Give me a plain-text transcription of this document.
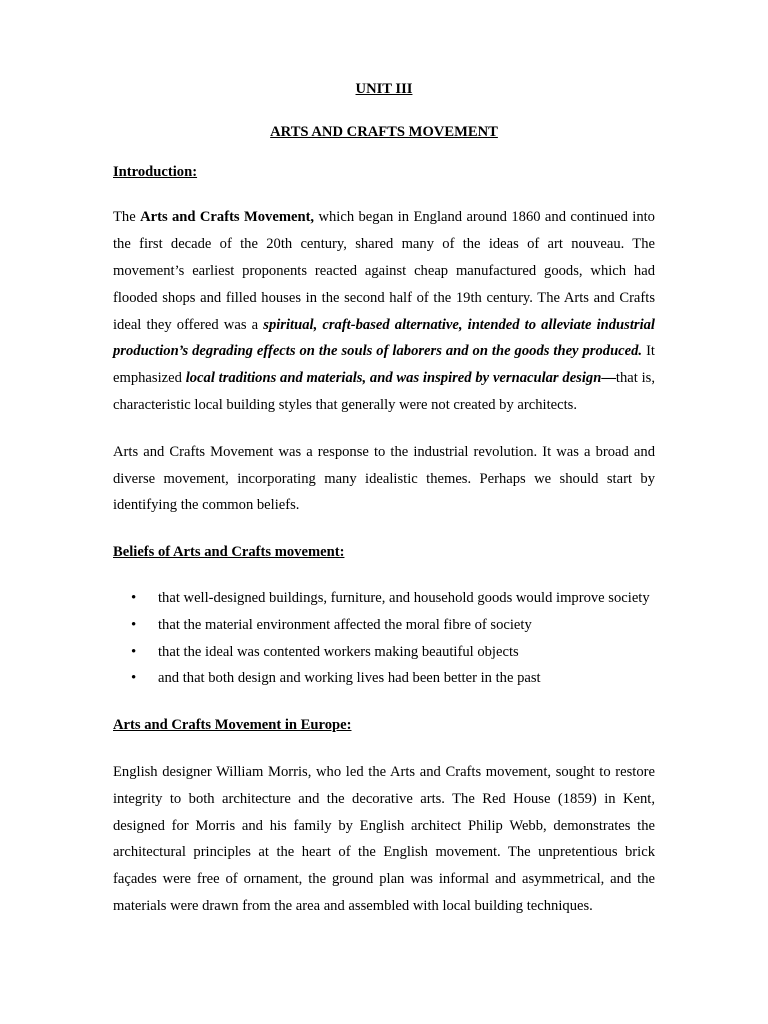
UNIT III

ARTS AND CRAFTS MOVEMENT

Introduction:

The Arts and Crafts Movement, which began in England around 1860 and continued into the first decade of the 20th century, shared many of the ideas of art nouveau. The movement’s earliest proponents reacted against cheap manufactured goods, which had flooded shops and filled houses in the second half of the 19th century. The Arts and Crafts ideal they offered was a spiritual, craft-based alternative, intended to alleviate industrial production’s degrading effects on the souls of laborers and on the goods they produced. It emphasized local traditions and materials, and was inspired by vernacular design—that is, characteristic local building styles that generally were not created by architects.

Arts and Crafts Movement was a response to the industrial revolution. It was a broad and diverse movement, incorporating many idealistic themes. Perhaps we should start by identifying the common beliefs.

Beliefs of Arts and Crafts movement:

• that well-designed buildings, furniture, and household goods would improve society
• that the material environment affected the moral fibre of society
• that the ideal was contented workers making beautiful objects
• and that both design and working lives had been better in the past

Arts and Crafts Movement in Europe:

English designer William Morris, who led the Arts and Crafts movement, sought to restore integrity to both architecture and the decorative arts. The Red House (1859) in Kent, designed for Morris and his family by English architect Philip Webb, demonstrates the architectural principles at the heart of the English movement. The unpretentious brick façades were free of ornament, the ground plan was informal and asymmetrical, and the materials were drawn from the area and assembled with local building techniques.
